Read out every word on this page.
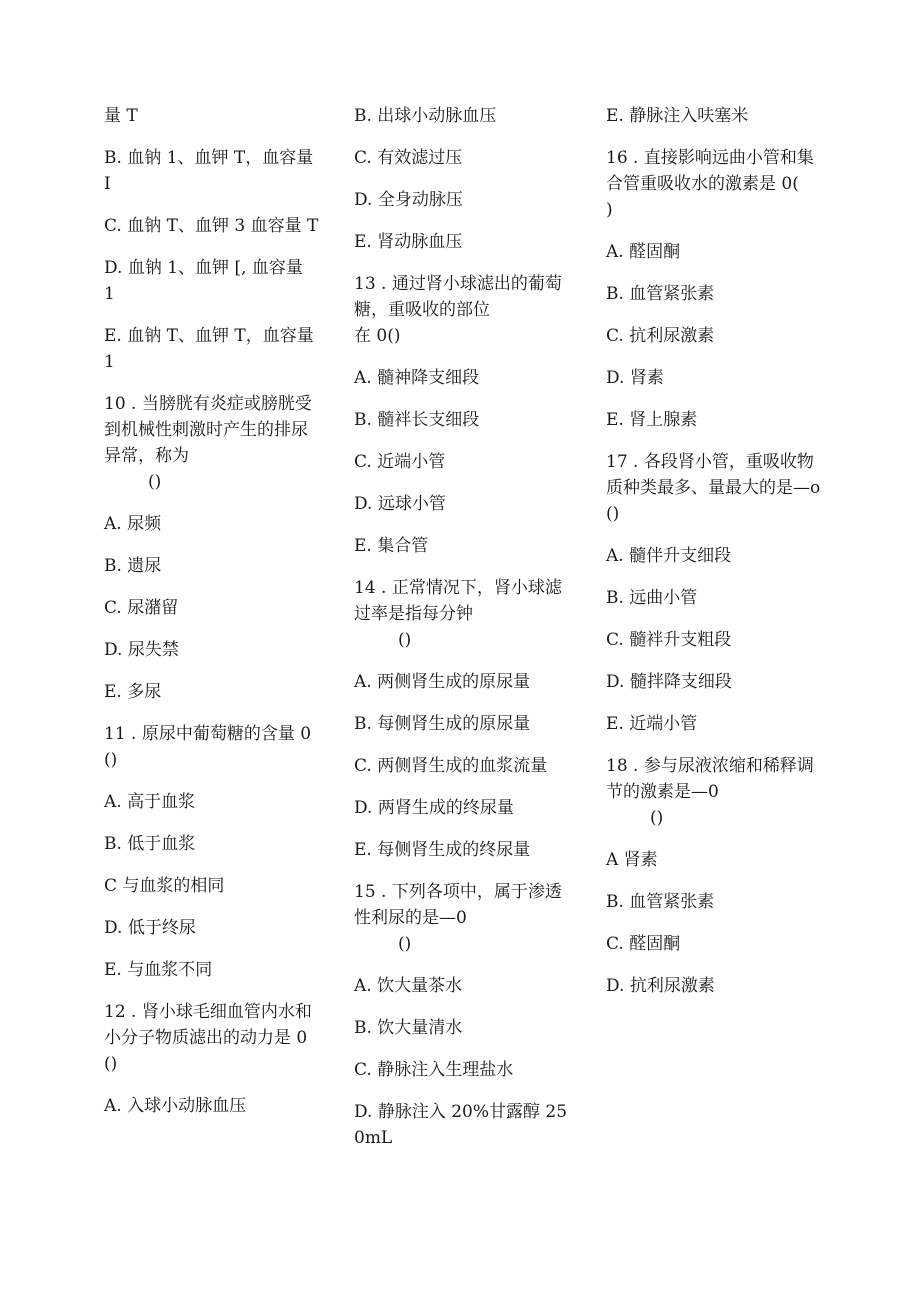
量 T
B. 血钠 1、血钾 T，血容量 I
C. 血钠 T、血钾 3 血容量 T
D. 血钠 1、血钾 [, 血容量 1
E. 血钠 T、血钾 T，血容量 1
10 . 当膀胱有炎症或膀胱受到机械性刺激时产生的排尿异常，称为
()
A. 尿频
B. 遗尿
C. 尿潴留
D. 尿失禁
E. 多尿
11 . 原尿中葡萄糖的含量 0()
A. 高于血浆
B. 低于血浆
C 与血浆的相同
D. 低于终尿
E. 与血浆不同
12 . 肾小球毛细血管内水和小分子物质滤出的动力是 0()
A. 入球小动脉血压
B. 出球小动脉血压
C. 有效滤过压
D. 全身动脉压
E. 肾动脉血压
13 . 通过肾小球滤出的葡萄糖，重吸收的部位
在 0()
A. 髓神降支细段
B. 髓袢长支细段
C. 近端小管
D. 远球小管
E. 集合管
14 . 正常情况下，肾小球滤过率是指每分钟
()
A. 两侧肾生成的原尿量
B. 每侧肾生成的原尿量
C. 两侧肾生成的血浆流量
D. 两肾生成的终尿量
E. 每侧肾生成的终尿量
15 . 下列各项中，属于渗透性利尿的是—0
()
A. 饮大量茶水
B. 饮大量清水
C. 静脉注入生理盐水
D. 静脉注入 20%甘露醇 250mL
E. 静脉注入呋塞米
16 . 直接影响远曲小管和集合管重吸收水的激素是 0(          )
A. 醛固酮
B. 血管紧张素
C. 抗利尿激素
D. 肾素
E. 肾上腺素
17 . 各段肾小管，重吸收物质种类最多、量最大的是—o()
A. 髓伴升支细段
B. 远曲小管
C. 髓袢升支粗段
D. 髓拌降支细段
E. 近端小管
18 . 参与尿液浓缩和稀释调节的激素是—0
()
A 肾素
B. 血管紧张素
C. 醛固酮
D. 抗利尿激素
